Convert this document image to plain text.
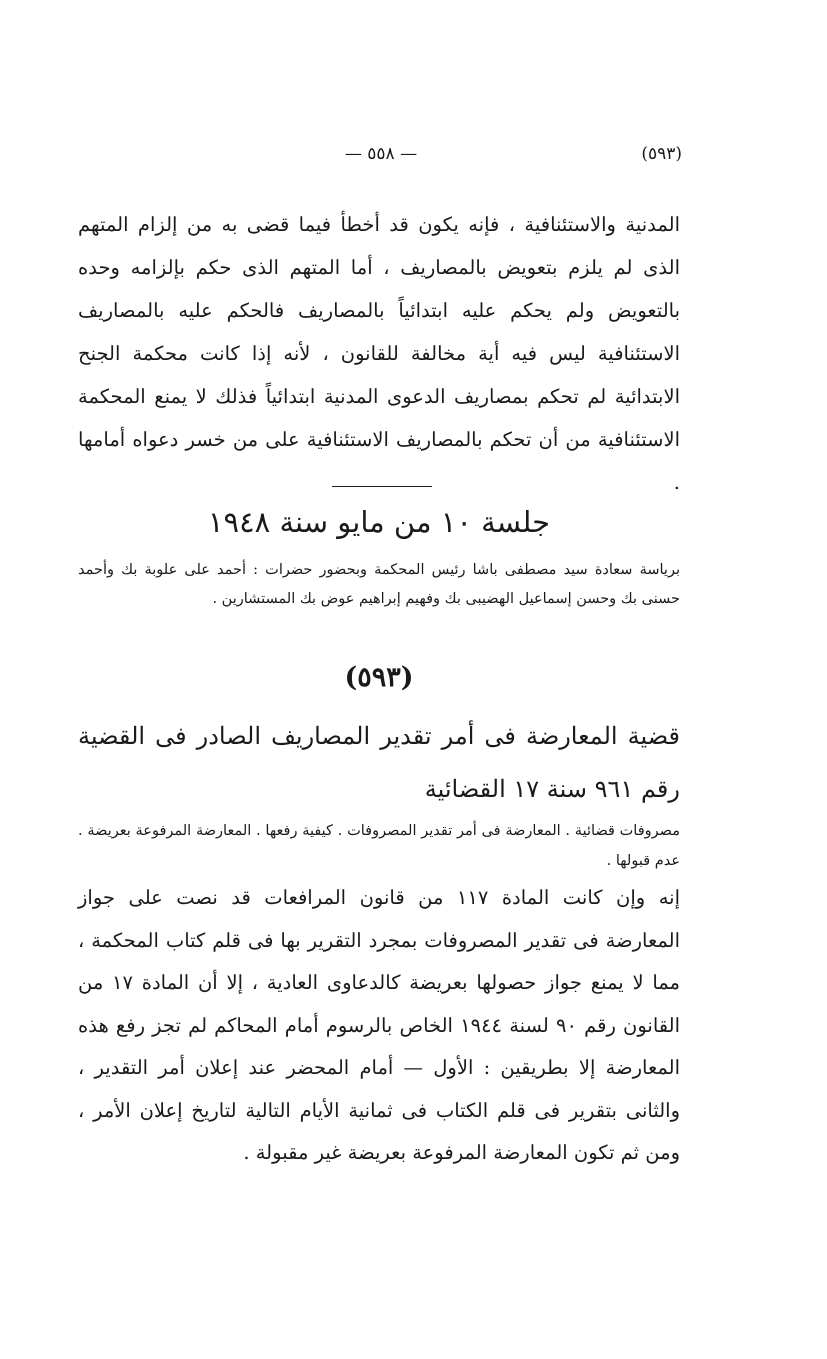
(٥٩٣)
— ٥٥٨ —
المدنية والاستئنافية ، فإنه يكون قد أخطأ فيما قضى به من إلزام المتهم الذى لم يلزم بتعويض بالمصاريف ، أما المتهم الذى حكم بإلزامه وحده بالتعويض ولم يحكم عليه ابتدائياً بالمصاريف فالحكم عليه بالمصاريف الاستئنافية ليس فيه أية مخالفة للقانون ، لأنه إذا كانت محكمة الجنح الابتدائية لم تحكم بمصاريف الدعوى المدنية ابتدائياً فذلك لا يمنع المحكمة الاستئنافية من أن تحكم بالمصاريف الاستئنافية على من خسر دعواه أمامها .
جلسة ١٠ من مايو سنة ١٩٤٨
برياسة سعادة سيد مصطفى باشا رئيس المحكمة وبحضور حضرات : أحمد على علوبة بك وأحمد حسنى بك وحسن إسماعيل الهضيبى بك وفهيم إبراهيم عوض بك المستشارين .
(٥٩٣)
قضية المعارضة فى أمر تقدير المصاريف الصادر فى القضية رقم ٩٦١ سنة ١٧ القضائية
مصروفات قضائية . المعارضة فى أمر تقدير المصروفات . كيفية رفعها . المعارضة المرفوعة بعريضة . عدم قبولها .
إنه وإن كانت المادة ١١٧ من قانون المرافعات قد نصت على جواز المعارضة فى تقدير المصروفات بمجرد التقرير بها فى قلم كتاب المحكمة ، مما لا يمنع جواز حصولها بعريضة كالدعاوى العادية ، إلا أن المادة ١٧ من القانون رقم ٩٠ لسنة ١٩٤٤ الخاص بالرسوم أمام المحاكم لم تجز رفع هذه المعارضة إلا بطريقين : الأول — أمام المحضر عند إعلان أمر التقدير ، والثانى بتقرير فى قلم الكتاب فى ثمانية الأيام التالية لتاريخ إعلان الأمر ، ومن ثم تكون المعارضة المرفوعة بعريضة غير مقبولة .
